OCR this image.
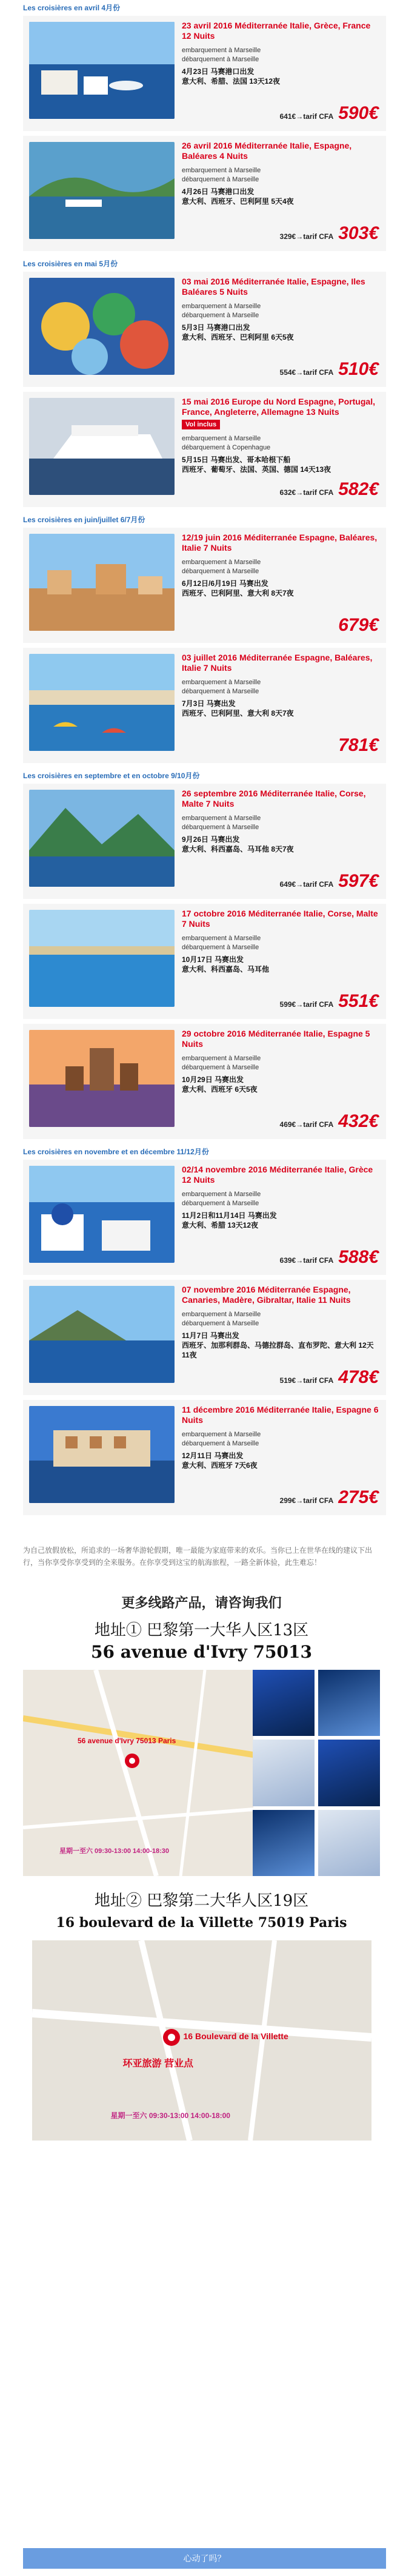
Les croisières en avril 4月份
23 avril 2016 Méditerranée Italie, Grèce, France 12 Nuits
embarquement à Marseille
débarquement à Marseille
4月23日 马赛港口出发
意大利、希腊、法国 13天12夜
641€→tarif CFA 590€
26 avril 2016 Méditerranée Italie, Espagne, Baléares 4 Nuits
embarquement à Marseille
débarquement à Marseille
4月26日 马赛港口出发
意大利、西班牙、巴利阿里 5天4夜
329€→tarif CFA 303€
Les croisières en mai 5月份
03 mai 2016 Méditerranée Italie, Espagne, Iles Baléares 5 Nuits
embarquement à Marseille
débarquement à Marseille
5月3日 马赛港口出发
意大利、西班牙、巴利阿里 6天5夜
554€→tarif CFA 510€
15 mai 2016 Europe du Nord Espagne, Portugal, France, Angleterre, Allemagne 13 Nuits
Vol inclus
embarquement à Marseille
débarquement à Copenhague
5月15日 马赛出发、哥本哈根下船
西班牙、葡萄牙、法国、英国、德国 14天13夜
632€→tarif CFA 582€
Les croisières en juin/juillet 6/7月份
12/19 juin 2016 Méditerranée Espagne, Baléares, Italie 7 Nuits
embarquement à Marseille
débarquement à Marseille
6月12日/6月19日 马赛出发
西班牙、巴利阿里、意大利 8天7夜
679€
03 juillet 2016 Méditerranée Espagne, Baléares, Italie 7 Nuits
embarquement à Marseille
débarquement à Marseille
7月3日 马赛出发
西班牙、巴利阿里、意大利 8天7夜
781€
Les croisières en septembre et en octobre 9/10月份
26 septembre 2016 Méditerranée Italie, Corse, Malte 7 Nuits
embarquement à Marseille
débarquement à Marseille
9月26日 马赛出发
意大利、科西嘉岛、马耳他 8天7夜
649€→tarif CFA 597€
17 octobre 2016 Méditerranée Italie, Corse, Malte 7 Nuits
embarquement à Marseille
débarquement à Marseille
10月17日 马赛出发
意大利、科西嘉岛、马耳他
599€→tarif CFA 551€
29 octobre 2016 Méditerranée Italie, Espagne 5 Nuits
embarquement à Marseille
débarquement à Marseille
10月29日 马赛出发
意大利、西班牙 6天5夜
469€→tarif CFA 432€
Les croisières en novembre et en décembre 11/12月份
02/14 novembre 2016 Méditerranée Italie, Grèce 12 Nuits
embarquement à Marseille
débarquement à Marseille
11月2日和11月14日 马赛出发
意大利、希腊 13天12夜
639€→tarif CFA 588€
07 novembre 2016 Méditerranée Espagne, Canaries, Madère, Gibraltar, Italie 11 Nuits
embarquement à Marseille
débarquement à Marseille
11月7日 马赛出发
西班牙、加那利群岛、马德拉群岛、直布罗陀、意大利 12天11夜
519€→tarif CFA 478€
11 décembre 2016 Méditerranée Italie, Espagne 6 Nuits
embarquement à Marseille
débarquement à Marseille
12月11日 马赛出发
意大利、西班牙 7天6夜
299€→tarif CFA 275€
为自己放假放松，所追求的一场奢华游轮假期，唯一最能为家庭带来的欢乐。当你已上在世华在线的建议下出行，当你享受你享受到的全来服务。在你享受到这宝的航海旅程，一路全新体验，此生难忘！
更多线路产品，请咨询我们
地址① 巴黎第一大华人区13区
56 avenue d'Ivry 75013
56 avenue d'Ivry 75013 Paris
星期一至六 09:30-13:00 14:00-18:30
地址② 巴黎第二大华人区19区
16 boulevard de la Villette 75019 Paris
16 Boulevard de la Villette
环亚旅游 营业点
星期一至六 09:30-13:00 14:00-18:00
心动了吗？
